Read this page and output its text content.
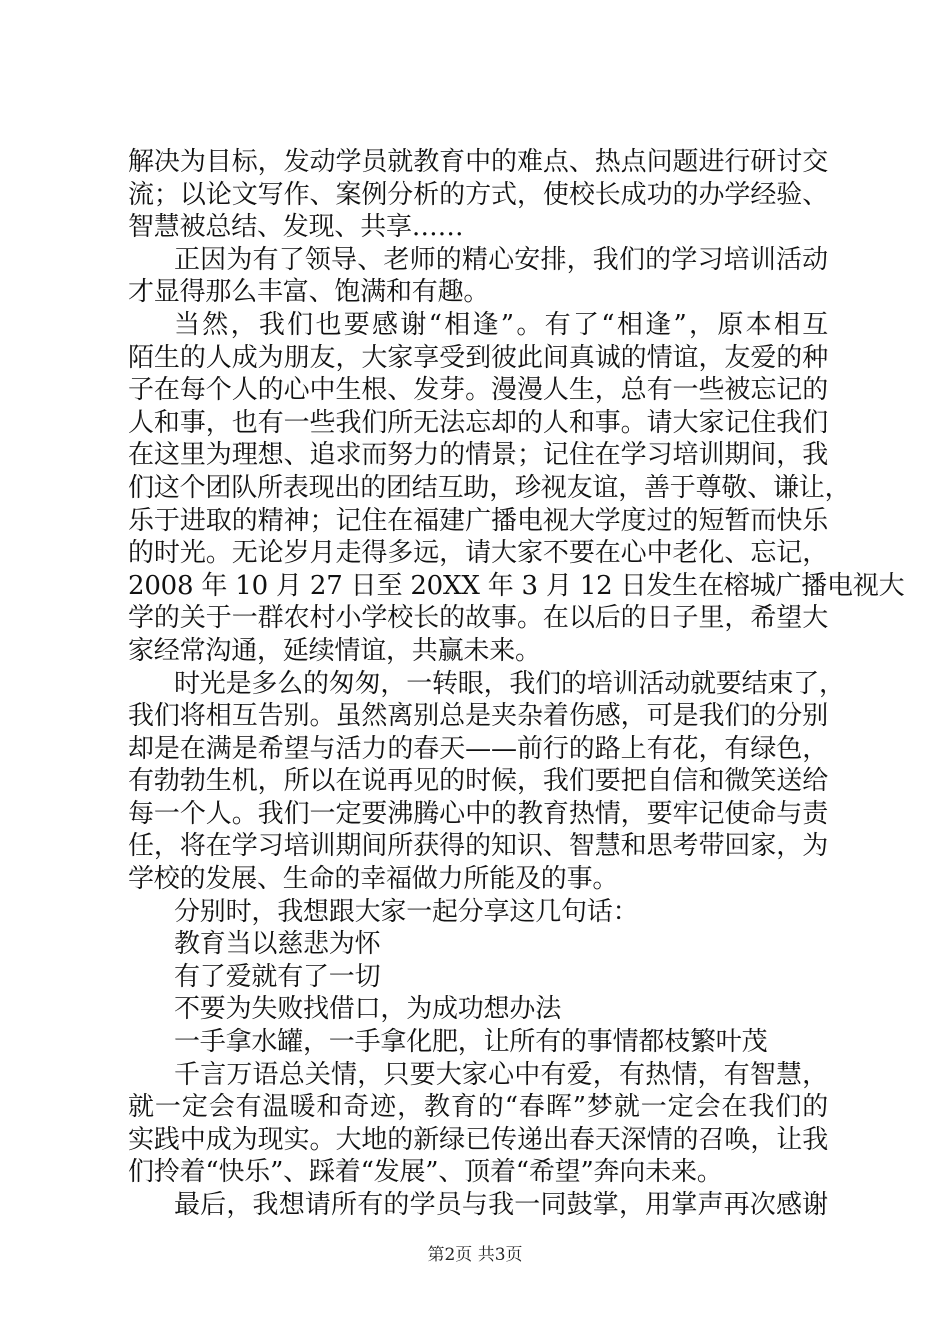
解决为目标，发动学员就教育中的难点、热点问题进行研讨交
流；以论文写作、案例分析的方式，使校长成功的办学经验、
智慧被总结、发现、共享……
正因为有了领导、老师的精心安排，我们的学习培训活动
才显得那么丰富、饱满和有趣。
当然，我们也要感谢“相逢”。有了“相逢”，原本相互
陌生的人成为朋友，大家享受到彼此间真诚的情谊，友爱的种
子在每个人的心中生根、发芽。漫漫人生，总有一些被忘记的
人和事，也有一些我们所无法忘却的人和事。请大家记住我们
在这里为理想、追求而努力的情景；记住在学习培训期间，我
们这个团队所表现出的团结互助，珍视友谊，善于尊敬、谦让，
乐于进取的精神；记住在福建广播电视大学度过的短暂而快乐
的时光。无论岁月走得多远，请大家不要在心中老化、忘记，
2008 年 10 月 27 日至 20XX 年 3 月 12 日发生在榕城广播电视大
学的关于一群农村小学校长的故事。在以后的日子里，希望大
家经常沟通，延续情谊，共赢未来。
时光是多么的匆匆，一转眼，我们的培训活动就要结束了，
我们将相互告别。虽然离别总是夹杂着伤感，可是我们的分别
却是在满是希望与活力的春天——前行的路上有花，有绿色，
有勃勃生机，所以在说再见的时候，我们要把自信和微笑送给
每一个人。我们一定要沸腾心中的教育热情，要牢记使命与责
任，将在学习培训期间所获得的知识、智慧和思考带回家，为
学校的发展、生命的幸福做力所能及的事。
分别时，我想跟大家一起分享这几句话：
教育当以慈悲为怀
有了爱就有了一切
不要为失败找借口，为成功想办法
一手拿水罐，一手拿化肥，让所有的事情都枝繁叶茂
千言万语总关情，只要大家心中有爱，有热情，有智慧，
就一定会有温暖和奇迹，教育的“春晖”梦就一定会在我们的
实践中成为现实。大地的新绿已传递出春天深情的召唤，让我
们拎着“快乐”、踩着“发展”、顶着“希望”奔向未来。
最后，我想请所有的学员与我一同鼓掌，用掌声再次感谢
第2页 共3页
